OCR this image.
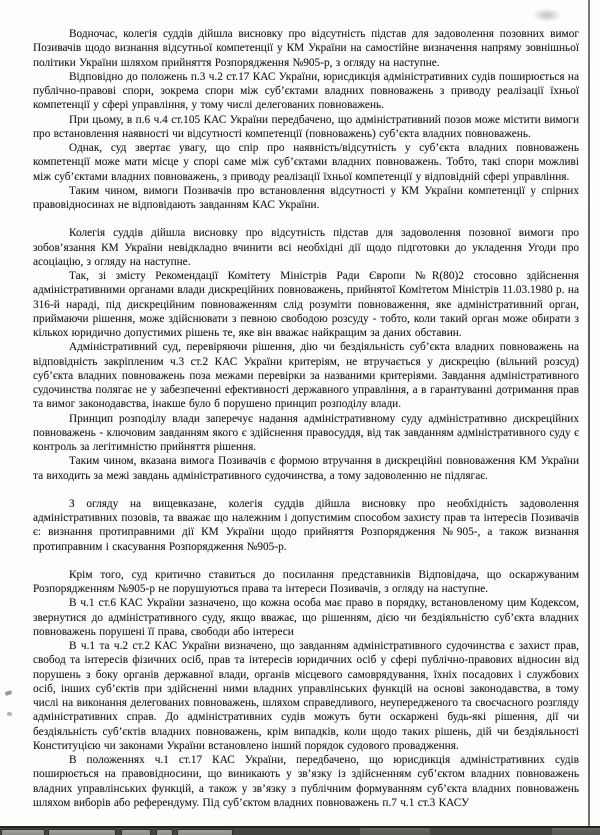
Водночас, колегія суддів дійшла висновку про відсутність підстав для задоволення позовних вимог Позивачів щодо визнання відсутньої компетенції у КМ України на самостійне визначення напряму зовнішньої політики України шляхом прийняття Розпорядження №905-р, з огляду на наступне.

Відповідно до положень п.3 ч.2 ст.17 КАС України, юрисдикція адміністративних судів поширюється на публічно-правові спори, зокрема спори між суб’єктами владних повноважень з приводу реалізації їхньої компетенції у сфері управління, у тому числі делегованих повноважень.

При цьому, в п.6 ч.4 ст.105 КАС України передбачено, що адміністративний позов може містити вимоги про встановлення наявності чи відсутності компетенції (повноважень) суб’єкта владних повноважень.

Однак, суд звертає увагу, що спір про наявність/відсутність у суб’єкта владних повноважень компетенції може мати місце у спорі саме між суб’єктами владних повноважень. Тобто, такі спори можливі між суб’єктами владних повноважень, з приводу реалізації їхньої компетенції у відповідній сфері управління.

Таким чином, вимоги Позивачів про встановлення відсутності у КМ України компетенції у спірних правовідносинах не відповідають завданням КАС України.

Колегія суддів дійшла висновку про відсутність підстав для задоволення позовної вимоги про зобов’язання КМ України невідкладно вчинити всі необхідні дії щодо підготовки до укладення Угоди про асоціацію, з огляду на наступне.

Так, зі змісту Рекомендації Комітету Міністрів Ради Європи №R(80)2 стосовно здійснення адміністративними органами влади дискреційних повноважень, прийнятої Комітетом Міністрів 11.03.1980 р. на 316-й нараді, під дискреційним повноваженням слід розуміти повноваження, яке адміністративний орган, приймаючи рішення, може здійснювати з певною свободою розсуду - тобто, коли такий орган може обирати з кількох юридично допустимих рішень те, яке він вважає найкращим за даних обставин.

Адміністративний суд, перевіряючи рішення, дію чи бездіяльність суб’єкта владних повноважень на відповідність закріпленим ч.3 ст.2 КАС України критеріям, не втручається у дискрецію (вільний розсуд) суб’єкта владних повноважень поза межами перевірки за названими критеріями. Завдання адміністративного судочинства полягає не у забезпеченні ефективності державного управління, а в гарантуванні дотримання прав та вимог законодавства, інакше було б порушено принцип розподілу влади.

Принцип розподілу влади заперечує надання адміністративному суду адміністративно дискреційних повноважень - ключовим завданням якого є здійснення правосуддя, від так завданням адміністративного суду є контроль за легітимністю прийняття рішення.

Таким чином, вказана вимога Позивачів є формою втручання в дискреційні повноваження КМ України та виходить за межі завдань адміністративного судочинства, а тому задоволенню не підлягає.

З огляду на вищевказане, колегія суддів дійшла висновку про необхідність задоволення адміністративних позовів, та вважає що належним і допустимим способом захисту прав та інтересів Позивачів є: визнання протиправними дії КМ України щодо прийняття Розпорядження №905-, а також визнання протиправним і скасування Розпорядження №905-р.

Крім того, суд критично ставиться до посилання представників Відповідача, що оскаржуваним Розпорядженням №905-р не порушуються права та інтереси Позивачів, з огляду на наступне.

В ч.1 ст.6 КАС України зазначено, що кожна особа має право в порядку, встановленому цим Кодексом, звернутися до адміністративного суду, якщо вважає, що рішенням, дією чи бездіяльністю суб’єкта владних повноважень порушені її права, свободи або інтереси

В ч.1 та ч.2 ст.2 КАС України визначено, що завданням адміністративного судочинства є захист прав, свобод та інтересів фізичних осіб, прав та інтересів юридичних осіб у сфері публічно-правових відносин від порушень з боку органів державної влади, органів місцевого самоврядування, їхніх посадових і службових осіб, інших суб’єктів при здійсненні ними владних управлінських функцій на основі законодавства, в тому числі на виконання делегованих повноважень, шляхом справедливого, неупередженого та своєчасного розгляду адміністративних справ. До адміністративних судів можуть бути оскаржені будь-які рішення, дії чи бездіяльність суб’єктів владних повноважень, крім випадків, коли щодо таких рішень, дій чи бездіяльності Конституцією чи законами України встановлено інший порядок судового провадження.

В положеннях ч.1 ст.17 КАС України, передбачено, що юрисдикція адміністративних судів поширюється на правовідносини, що виникають у зв’язку із здійсненням суб’єктом владних повноважень владних управлінських функцій, а також у зв’язку з публічним формуванням суб’єкта владних повноважень шляхом виборів або референдуму. Під суб’єктом владних повноважень п.7 ч.1 ст.3 КАСУ
